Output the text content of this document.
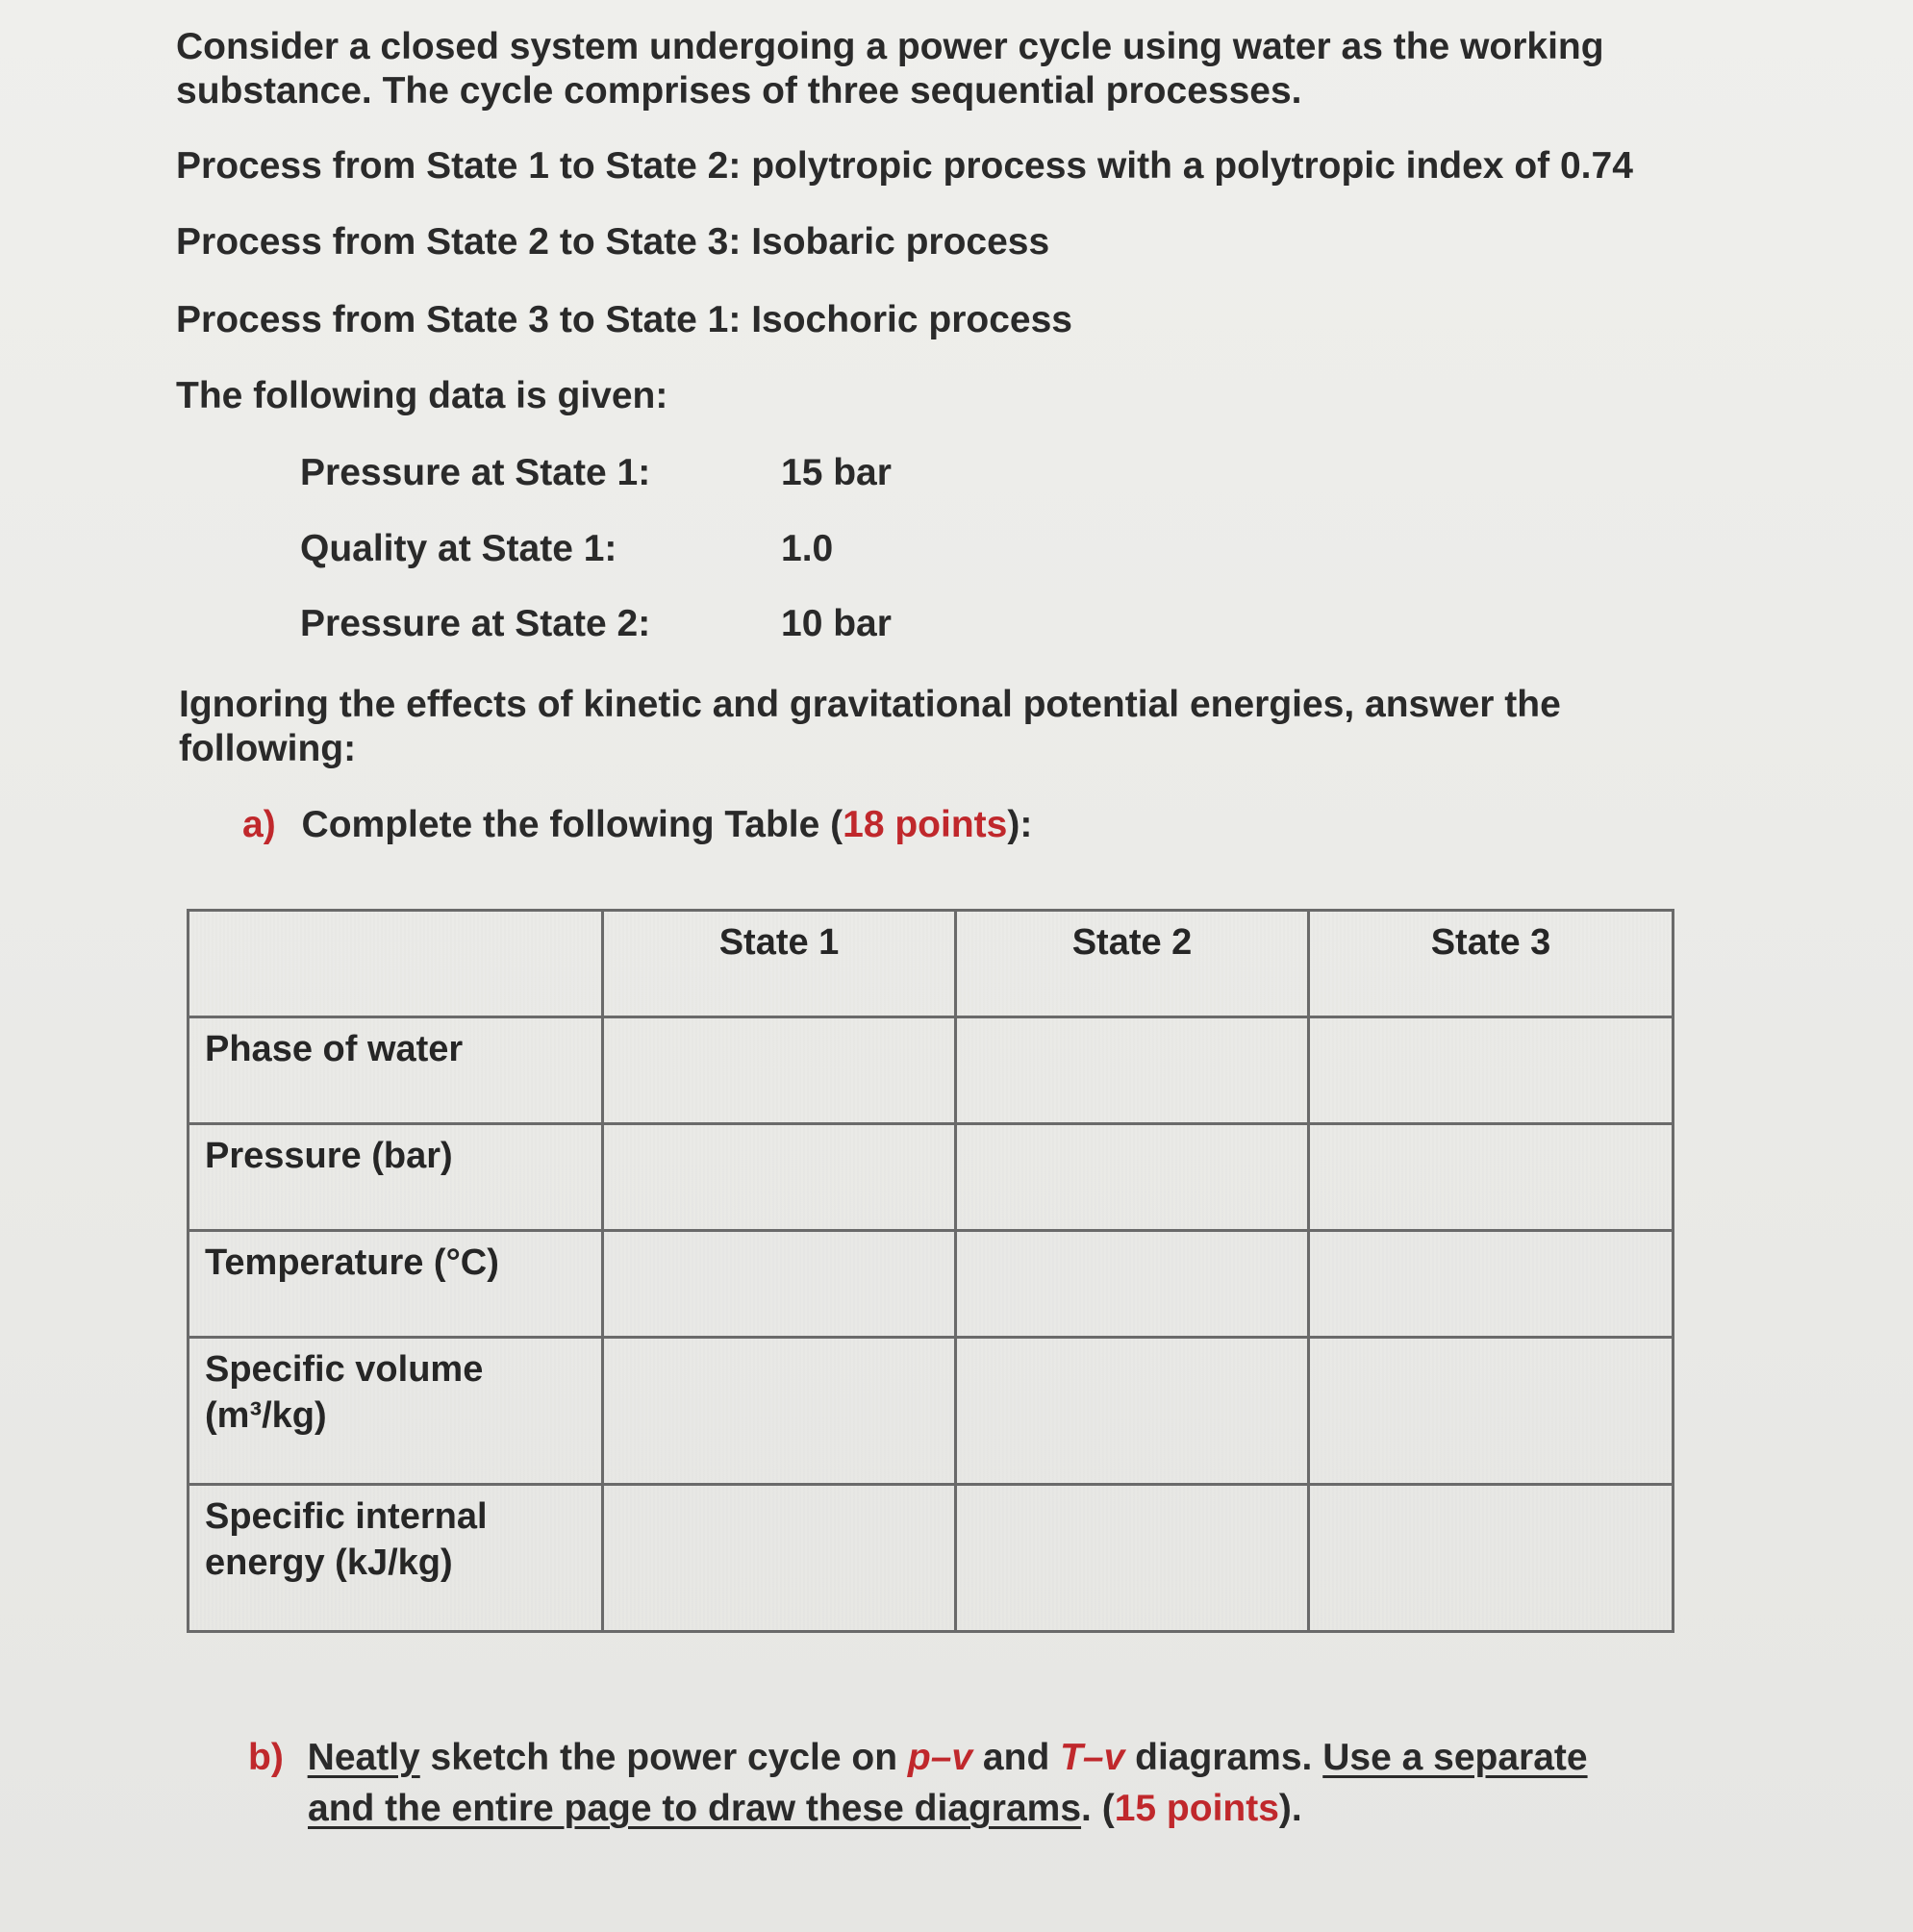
Consider a closed system undergoing a power cycle using water as the working
substance. The cycle comprises of three sequential processes.
Process from State 1 to State 2: polytropic process with a polytropic index of 0.74
Process from State 2 to State 3: Isobaric process
Process from State 3 to State 1: Isochoric process
The following data is given:
Pressure at State 1:	15 bar
Quality at State 1:	1.0
Pressure at State 2:	10 bar
Ignoring the effects of kinetic and gravitational potential energies, answer the
following:
a) Complete the following Table (18 points):
	State 1	State 2	State 3
Phase of water			
Pressure (bar)			
Temperature (°C)			

Specific volume
(m³/kg)			

Specific internal
energy (kJ/kg)			

b) Neatly sketch the power cycle on p–v and T–v diagrams. Use a separate
and the entire page to draw these diagrams. (15 points).
